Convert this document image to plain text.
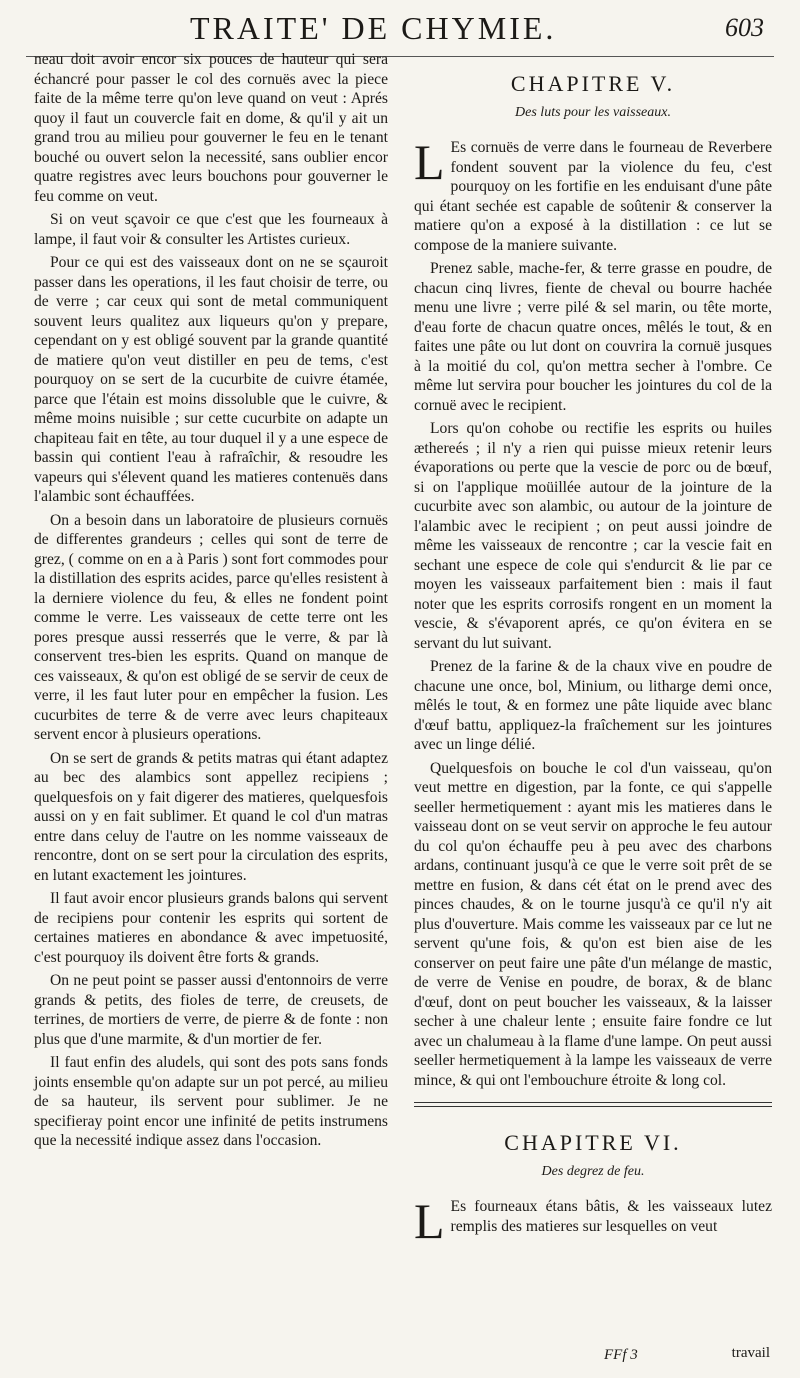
TRAITE' DE CHYMIE.	603

neau doit avoir encor six pouces de hauteur qui sera échancré pour passer le col des cornuës avec la piece faite de la même terre qu'on leve quand on veut : Aprés quoy il faut un couvercle fait en dome, & qu'il y ait un grand trou au milieu pour gouverner le feu en le tenant bouché ou ouvert selon la necessité, sans oublier encor quatre registres avec leurs bouchons pour gouverner le feu comme on veut.

Si on veut sçavoir ce que c'est que les fourneaux à lampe, il faut voir & consulter les Artistes curieux.

Pour ce qui est des vaisseaux dont on ne se sçauroit passer dans les operations, il les faut choisir de terre, ou de verre ; car ceux qui sont de metal communiquent souvent leurs qualitez aux liqueurs qu'on y prepare, cependant on y est obligé souvent par la grande quantité de matiere qu'on veut distiller en peu de tems, c'est pourquoy on se sert de la cucurbite de cuivre étamée, parce que l'étain est moins dissoluble que le cuivre, & même moins nuisible ; sur cette cucurbite on adapte un chapiteau fait en tête, au tour duquel il y a une espece de bassin qui contient l'eau à rafraîchir, & resoudre les vapeurs qui s'élevent quand les matieres contenuës dans l'alambic sont échauffées.

On a besoin dans un laboratoire de plusieurs cornuës de differentes grandeurs ; celles qui sont de terre de grez, ( comme on en a à Paris ) sont fort commodes pour la distillation des esprits acides, parce qu'elles resistent à la derniere violence du feu, & elles ne fondent point comme le verre. Les vaisseaux de cette terre ont les pores presque aussi resserrés que le verre, & par là conservent tres-bien les esprits. Quand on manque de ces vaisseaux, & qu'on est obligé de se servir de ceux de verre, il les faut luter pour en empêcher la fusion. Les cucurbites de terre & de verre avec leurs chapiteaux servent encor à plusieurs operations.

On se sert de grands & petits matras qui étant adaptez au bec des alambics sont appellez recipiens ; quelquesfois on y fait digerer des matieres, quelquesfois aussi on y en fait sublimer. Et quand le col d'un matras entre dans celuy de l'autre on les nomme vaisseaux de rencontre, dont on se sert pour la circulation des esprits, en lutant exactement les jointures.

Il faut avoir encor plusieurs grands balons qui servent de recipiens pour contenir les esprits qui sortent de certaines matieres en abondance & avec impetuosité, c'est pourquoy ils doivent être forts & grands.

On ne peut point se passer aussi d'entonnoirs de verre grands & petits, des fioles de terre, de creusets, de terrines, de mortiers de verre, de pierre & de fonte : non plus que d'une marmite, & d'un mortier de fer.

Il faut enfin des aludels, qui sont des pots sans fonds joints ensemble qu'on adapte sur un pot percé, au milieu de sa hauteur, ils servent pour sublimer. Je ne specifieray point encor une infinité de petits instrumens que la necessité indique assez dans l'occasion.

CHAPITRE V.
Des luts pour les vaisseaux.

L Es cornuës de verre dans le fourneau de Reverbere fondent souvent par la violence du feu, c'est pourquoy on les fortifie en les enduisant d'une pâte qui étant sechée est capable de soûtenir & conserver la matiere qu'on a exposé à la distillation : ce lut se compose de la maniere suivante.

Prenez sable, mache-fer, & terre grasse en poudre, de chacun cinq livres, fiente de cheval ou bourre hachée menu une livre ; verre pilé & sel marin, ou tête morte, d'eau forte de chacun quatre onces, mêlés le tout, & en faites une pâte ou lut dont on couvrira la cornuë jusques à la moitié du col, qu'on mettra secher à l'ombre. Ce même lut servira pour boucher les jointures du col de la cornuë avec le recipient.

Lors qu'on cohobe ou rectifie les esprits ou huiles æthereés ; il n'y a rien qui puisse mieux retenir leurs évaporations ou perte que la vescie de porc ou de bœuf, si on l'applique moüillée autour de la jointure de la cucurbite avec son alambic, ou autour de la jointure de l'alambic avec le recipient ; on peut aussi joindre de même les vaisseaux de rencontre ; car la vescie fait en sechant une espece de cole qui s'endurcit & lie par ce moyen les vaisseaux parfaitement bien : mais il faut noter que les esprits corrosifs rongent en un moment la vescie, & s'évaporent aprés, ce qu'on évitera en se servant du lut suivant.

Prenez de la farine & de la chaux vive en poudre de chacune une once, bol, Minium, ou litharge demi once, mêlés le tout, & en formez une pâte liquide avec blanc d'œuf battu, appliquez-la fraîchement sur les jointures avec un linge délié.

Quelquesfois on bouche le col d'un vaisseau, qu'on veut mettre en digestion, par la fonte, ce qui s'appelle seeller hermetiquement : ayant mis les matieres dans le vaisseau dont on se veut servir on approche le feu autour du col qu'on échauffe peu à peu avec des charbons ardans, continuant jusqu'à ce que le verre soit prêt de se mettre en fusion, & dans cét état on le prend avec des pinces chaudes, & on le tourne jusqu'à ce qu'il n'y ait plus d'ouverture. Mais comme les vaisseaux par ce lut ne servent qu'une fois, & qu'on est bien aise de les conserver on peut faire une pâte d'un mélange de mastic, de verre de Venise en poudre, de borax, & de blanc d'œuf, dont on peut boucher les vaisseaux, & la laisser secher à une chaleur lente ; ensuite faire fondre ce lut avec un chalumeau à la flame d'une lampe. On peut aussi seeller hermetiquement à la lampe les vaisseaux de verre mince, & qui ont l'embouchure étroite & long col.

CHAPITRE VI.
Des degrez de feu.

L Es fourneaux étans bâtis, & les vaisseaux lutez remplis des matieres sur lesquelles on veut

FFf 3	travail
